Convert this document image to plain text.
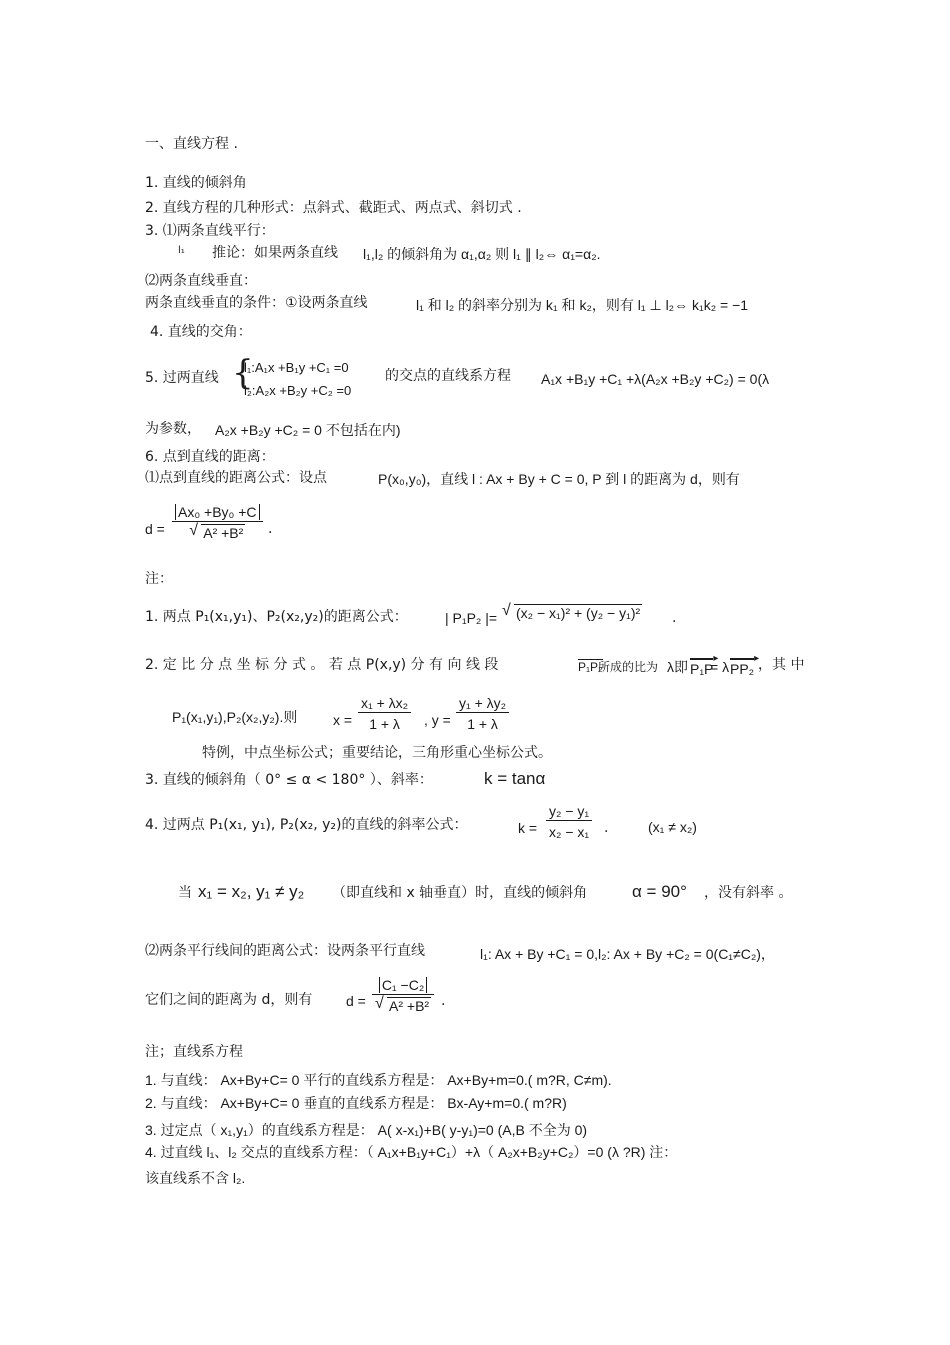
一、直线方程 .
1. 直线的倾斜角
2. 直线方程的几种形式：点斜式、截距式、两点式、斜切式 .
3. ⑴两条直线平行：
l₁ 推论：如果两条直线 l₁,l₂ 的倾斜角为 α₁,α₂ 则 l₁ ∥ l₂⇔ α₁=α₂.
⑵两条直线垂直：
两条直线垂直的条件：①设两条直线	l₁ 和 l₂ 的斜率分别为 k₁ 和 k₂，则有 l₁ ⊥ l₂⇔ k₁k₂ = −1
4. 直线的交角：
5. 过两直线 {
l₁:A₁x +B₁y +C₁ =0
l₂:A₂x +B₂y +C₂ =0
的交点的直线系方程 A₁x +B₁y +C₁ +λ(A₂x +B₂y +C₂) = 0(λ
为参数， A₂x +B₂y +C₂ = 0 不包括在内)
6. 点到直线的距离：
⑴点到直线的距离公式：设点	P(x₀,y₀)，直线 l : Ax + By + C = 0, P 到 l 的距离为 d，则有
d = Ax₀ +By₀ +C
√ A² +B² .
注：
1. 两点 P₁(x₁,y₁)、P₂(x₂,y₂)的距离公式：	| P₁P₂ |=
√	(x₂ − x₁)² + (y₂ − y₁)² .
2. 定 比 分 点 坐 标 分 式 。 若 点 P(x,y) 分 有 向 线 段	P₁P₂
所成的比为 λ即 P₁P ▸
= λ PP₂ ▸ ，其 中
P₁(x₁,y₁),P₂(x₂,y₂).则	$x = \frac{\text{x₁ + λx₂}}{1 + \lambda}$ , $y = \frac{\text{y₁ + λy₂}}{1 + \lambda}$
特例，中点坐标公式；重要结论，三角形重心坐标公式。
3. 直线的倾斜角（ 0° ≤ α < 180° ）、斜率：	k = tanα
4. 过两点 P₁(x₁, y₁), P₂(x₂, y₂)的直线的斜率公式：	$k = \frac{\text{y₂ − y₁}}{\text{x₂ − x₁}}$ .	(x₁ ≠ x₂)
当 x₁ = x₂, y₁ ≠ y₂ （即直线和 x 轴垂直）时，直线的倾斜角	α = 90° ，没有斜率 。
⑵两条平行线间的距离公式：设两条平行直线	l₁: Ax + By +C₁ = 0,l₂: Ax + By +C₂ = 0(C₁≠C₂)，
它们之间的距离为 d，则有 d = C₁ −C₂
√ A² +B² .
注；直线系方程
1. 与直线： Ax+By+C= 0 平行的直线系方程是： Ax+By+m=0.( m?R, C≠m).
2. 与直线： Ax+By+C= 0 垂直的直线系方程是： Bx-Ay+m=0.( m?R)
3. 过定点（ x₁,y₁）的直线系方程是： A( x-x₁)+B( y-y₁)=0 (A,B 不全为 0)
4. 过直线 l₁、l₂ 交点的直线系方程：（ A₁x+B₁y+C₁）+λ（ A₂x+B₂y+C₂）=0 (λ ?R) 注：
该直线系不含 l₂.
